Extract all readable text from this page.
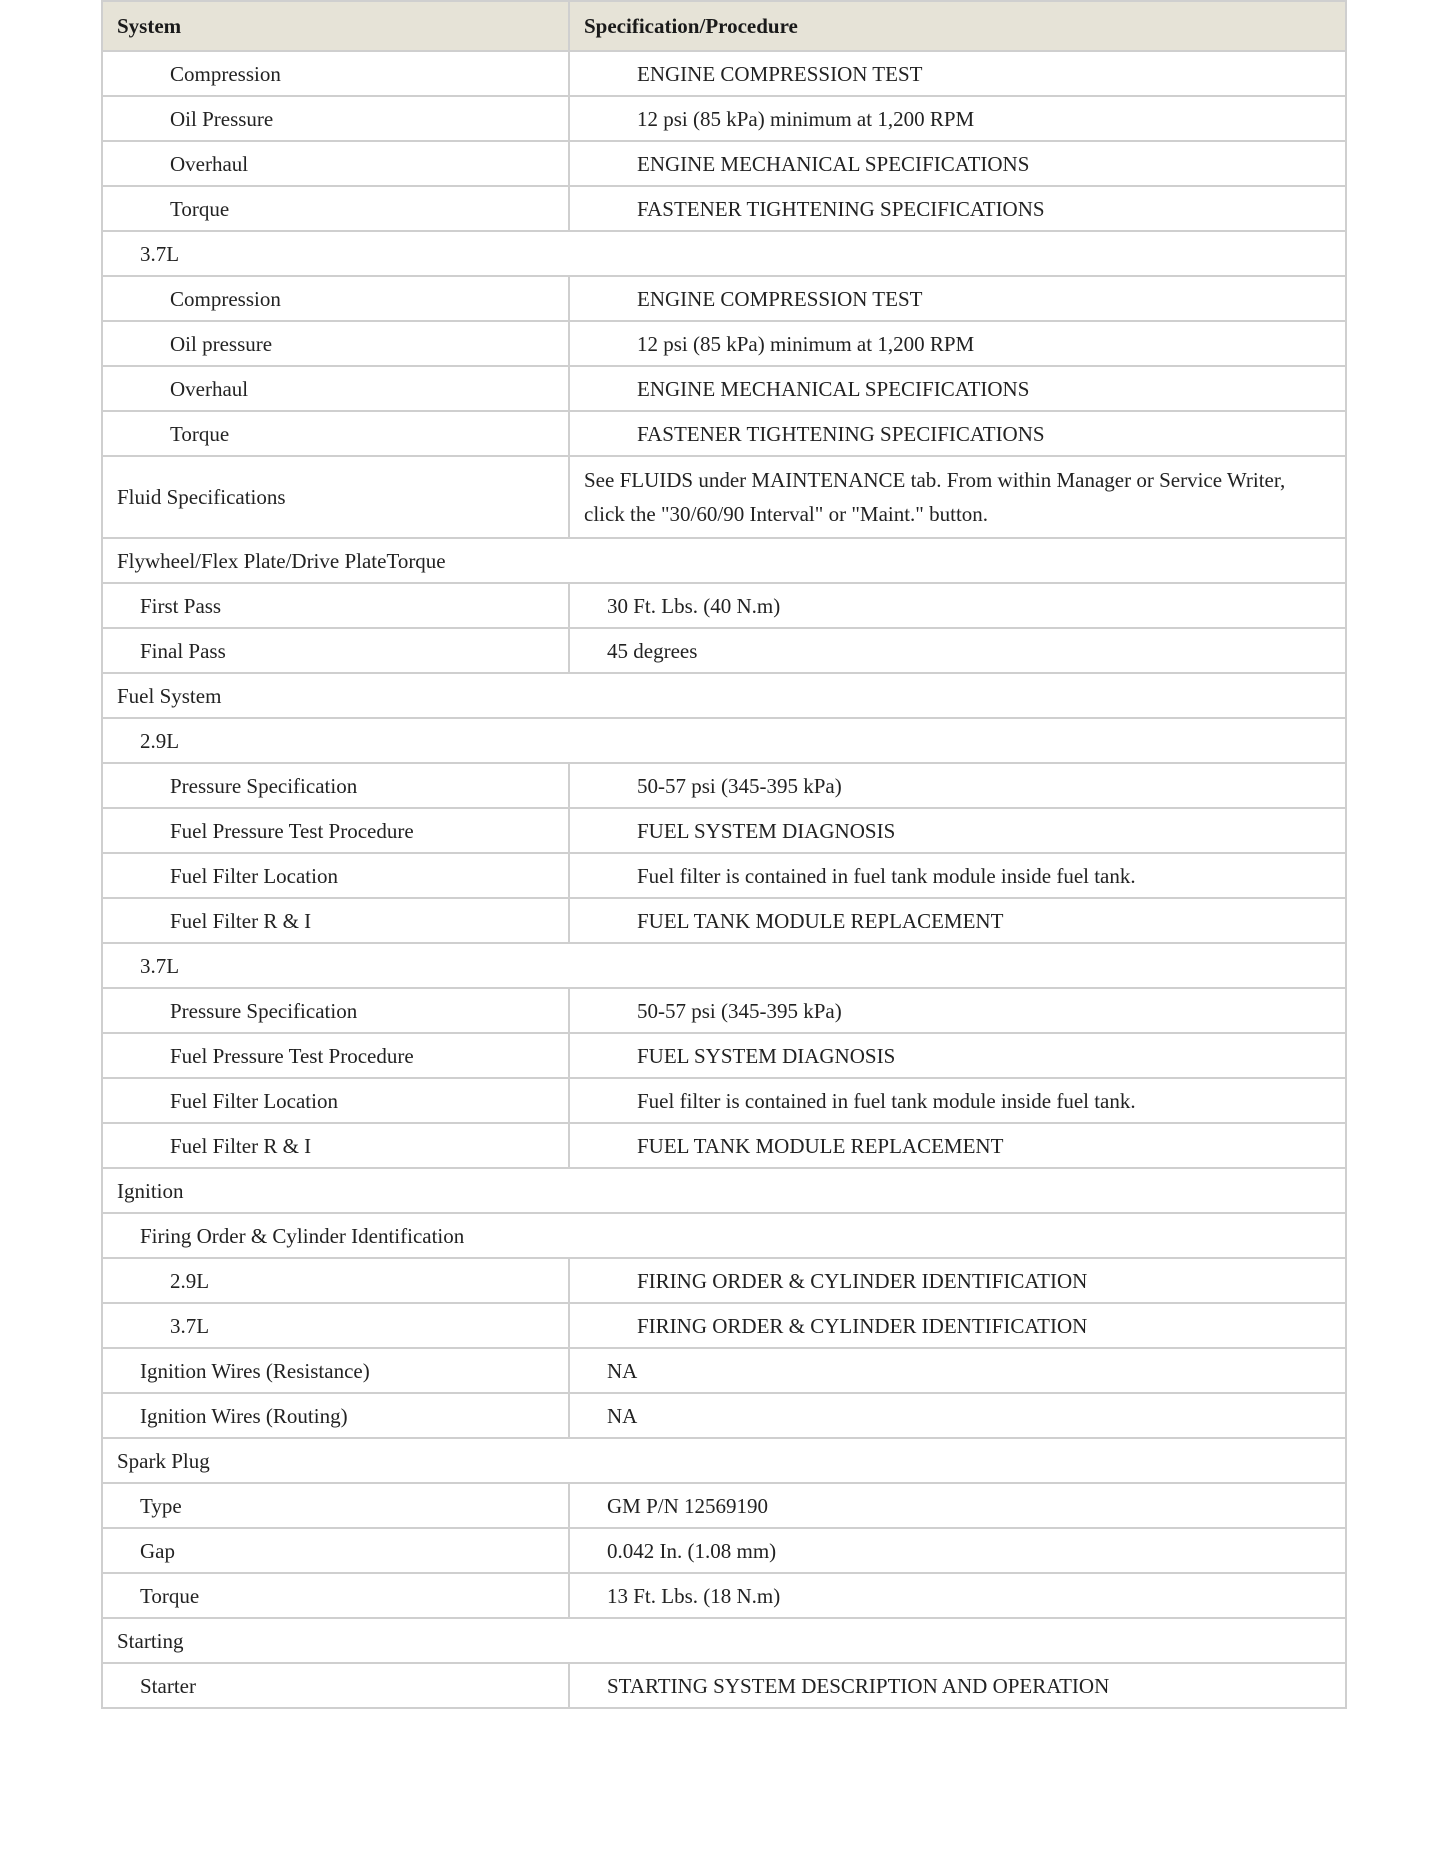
System	Specification/Procedure
Compression	ENGINE COMPRESSION TEST
Oil Pressure	12 psi (85 kPa) minimum at 1,200 RPM
Overhaul	ENGINE MECHANICAL SPECIFICATIONS
Torque	FASTENER TIGHTENING SPECIFICATIONS
3.7L	
Compression	ENGINE COMPRESSION TEST
Oil pressure	12 psi (85 kPa) minimum at 1,200 RPM
Overhaul	ENGINE MECHANICAL SPECIFICATIONS
Torque	FASTENER TIGHTENING SPECIFICATIONS
Fluid Specifications	See FLUIDS under MAINTENANCE tab. From within Manager or Service Writer, click the "30/60/90 Interval" or "Maint." button.
Flywheel/Flex Plate/Drive PlateTorque	
First Pass	30 Ft. Lbs. (40 N.m)
Final Pass	45 degrees
Fuel System	
2.9L	
Pressure Specification	50-57 psi (345-395 kPa)
Fuel Pressure Test Procedure	FUEL SYSTEM DIAGNOSIS
Fuel Filter Location	Fuel filter is contained in fuel tank module inside fuel tank.
Fuel Filter R & I	FUEL TANK MODULE REPLACEMENT
3.7L	
Pressure Specification	50-57 psi (345-395 kPa)
Fuel Pressure Test Procedure	FUEL SYSTEM DIAGNOSIS
Fuel Filter Location	Fuel filter is contained in fuel tank module inside fuel tank.
Fuel Filter R & I	FUEL TANK MODULE REPLACEMENT
Ignition	
Firing Order & Cylinder Identification	
2.9L	FIRING ORDER & CYLINDER IDENTIFICATION
3.7L	FIRING ORDER & CYLINDER IDENTIFICATION
Ignition Wires (Resistance)	NA
Ignition Wires (Routing)	NA
Spark Plug	
Type	GM P/N 12569190
Gap	0.042 In. (1.08 mm)
Torque	13 Ft. Lbs. (18 N.m)
Starting	
Starter	STARTING SYSTEM DESCRIPTION AND OPERATION
